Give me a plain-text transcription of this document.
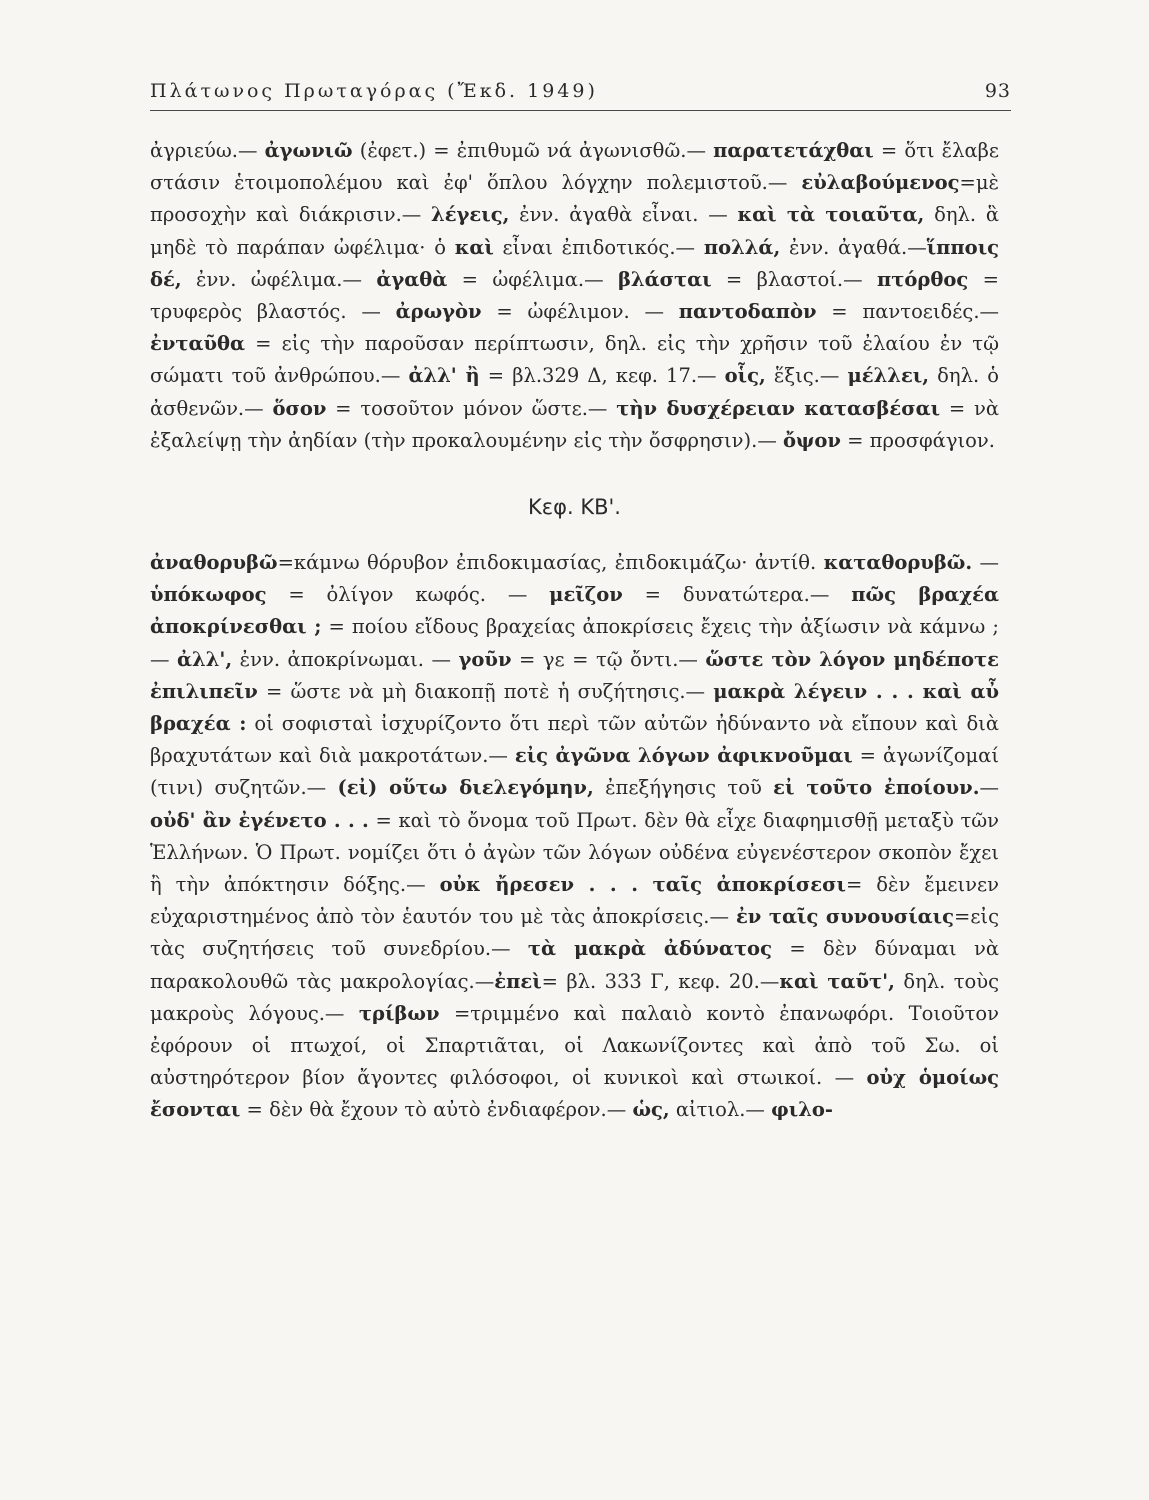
Πλάτωνος Πρωταγόρας (Ἔκδ. 1949)	93

ἀγριεύω.— ἀγωνιῶ (ἐφετ.) = ἐπιθυμῶ νά ἀγωνισθῶ.— παρατετάχθαι = ὅτι ἔλαβε στάσιν ἑτοιμοπολέμου καὶ ἐφ' ὅπλου λόγχην πολεμιστοῦ.— εὐλαβούμενος=μὲ προσοχὴν καὶ διάκρισιν.— λέγεις, ἐνν. ἀγαθὰ εἶναι. — καὶ τὰ τοιαῦτα, δηλ. ἃ μηδὲ τὸ παράπαν ὠφέλιμα· ὁ καὶ εἶναι ἐπιδοτικός.— πολλά, ἐνν. ἀγαθά.—ἵπποις δέ, ἐνν. ὠφέλιμα.— ἀγαθὰ = ὠφέλιμα.— βλάσται = βλαστοί.— πτόρθος = τρυφερὸς βλαστός. — ἀρωγὸν = ὠφέλιμον. — παντοδαπὸν = παντοειδές.— ἐνταῦθα = εἰς τὴν παροῦσαν περίπτωσιν, δηλ. εἰς τὴν χρῆσιν τοῦ ἐλαίου ἐν τῷ σώματι τοῦ ἀνθρώπου.— ἀλλ' ἢ = βλ.329 Δ, κεφ. 17.— οἷς, ἕξις.— μέλλει, δηλ. ὁ ἀσθενῶν.— ὅσον = τοσοῦτον μόνον ὥστε.— τὴν δυσχέρειαν κατασβέσαι = νὰ ἐξαλείψῃ τὴν ἀηδίαν (τὴν προκαλουμένην εἰς τὴν ὄσφρησιν).— ὄψον = προσφάγιον.

Κεφ. ΚΒ'.

ἀναθορυβῶ=κάμνω θόρυβον ἐπιδοκιμασίας, ἐπιδοκιμάζω· ἀντίθ. καταθορυβῶ. — ὑπόκωφος = ὀλίγον κωφός. — μεῖζον = δυνατώτερα.— πῶς βραχέα ἀποκρίνεσθαι ; = ποίου εἴδους βραχείας ἀποκρίσεις ἔχεις τὴν ἀξίωσιν νὰ κάμνω ; — ἀλλ', ἐνν. ἀποκρίνωμαι. — γοῦν = γε = τῷ ὄντι.— ὥστε τὸν λόγον μηδέποτε ἐπιλιπεῖν = ὥστε νὰ μὴ διακοπῇ ποτὲ ἡ συζήτησις.— μακρὰ λέγειν . . . καὶ αὖ βραχέα : οἱ σοφισταὶ ἰσχυρίζοντο ὅτι περὶ τῶν αὐτῶν ἠδύναντο νὰ εἴπουν καὶ διὰ βραχυτάτων καὶ διὰ μακροτάτων.— εἰς ἀγῶνα λόγων ἀφικνοῦμαι = ἀγωνίζομαί (τινι) συζητῶν.— (εἰ) οὕτω διελεγόμην, ἐπεξήγησις τοῦ εἰ τοῦτο ἐποίουν.— οὐδ' ἂν ἐγένετο . . . = καὶ τὸ ὄνομα τοῦ Πρωτ. δὲν θὰ εἶχε διαφημισθῇ μεταξὺ τῶν Ἑλλήνων. Ὁ Πρωτ. νομίζει ὅτι ὁ ἀγὼν τῶν λόγων οὐδένα εὐγενέστερον σκοπὸν ἔχει ἢ τὴν ἀπόκτησιν δόξης.— οὐκ ἤρεσεν . . . ταῖς ἀποκρίσεσι= δὲν ἔμεινεν εὐχαριστημένος ἀπὸ τὸν ἑαυτόν του μὲ τὰς ἀποκρίσεις.— ἐν ταῖς συνουσίαις=εἰς τὰς συζητήσεις τοῦ συνεδρίου.— τὰ μακρὰ ἀδύνατος = δὲν δύναμαι νὰ παρακολουθῶ τὰς μακρολογίας.—ἐπεὶ= βλ. 333 Γ, κεφ. 20.—καὶ ταῦτ', δηλ. τοὺς μακροὺς λόγους.— τρίβων =τριμμένο καὶ παλαιὸ κοντὸ ἐπανωφόρι. Τοιοῦτον ἐφόρουν οἱ πτωχοί, οἱ Σπαρτιᾶται, οἱ Λακωνίζοντες καὶ ἀπὸ τοῦ Σω. οἱ αὐστηρότερον βίον ἄγοντες φιλόσοφοι, οἱ κυνικοὶ καὶ στωικοί. — οὐχ ὁμοίως ἔσονται = δὲν θὰ ἔχουν τὸ αὐτὸ ἐνδιαφέρον.— ὡς, αἰτιολ.— φιλο-
